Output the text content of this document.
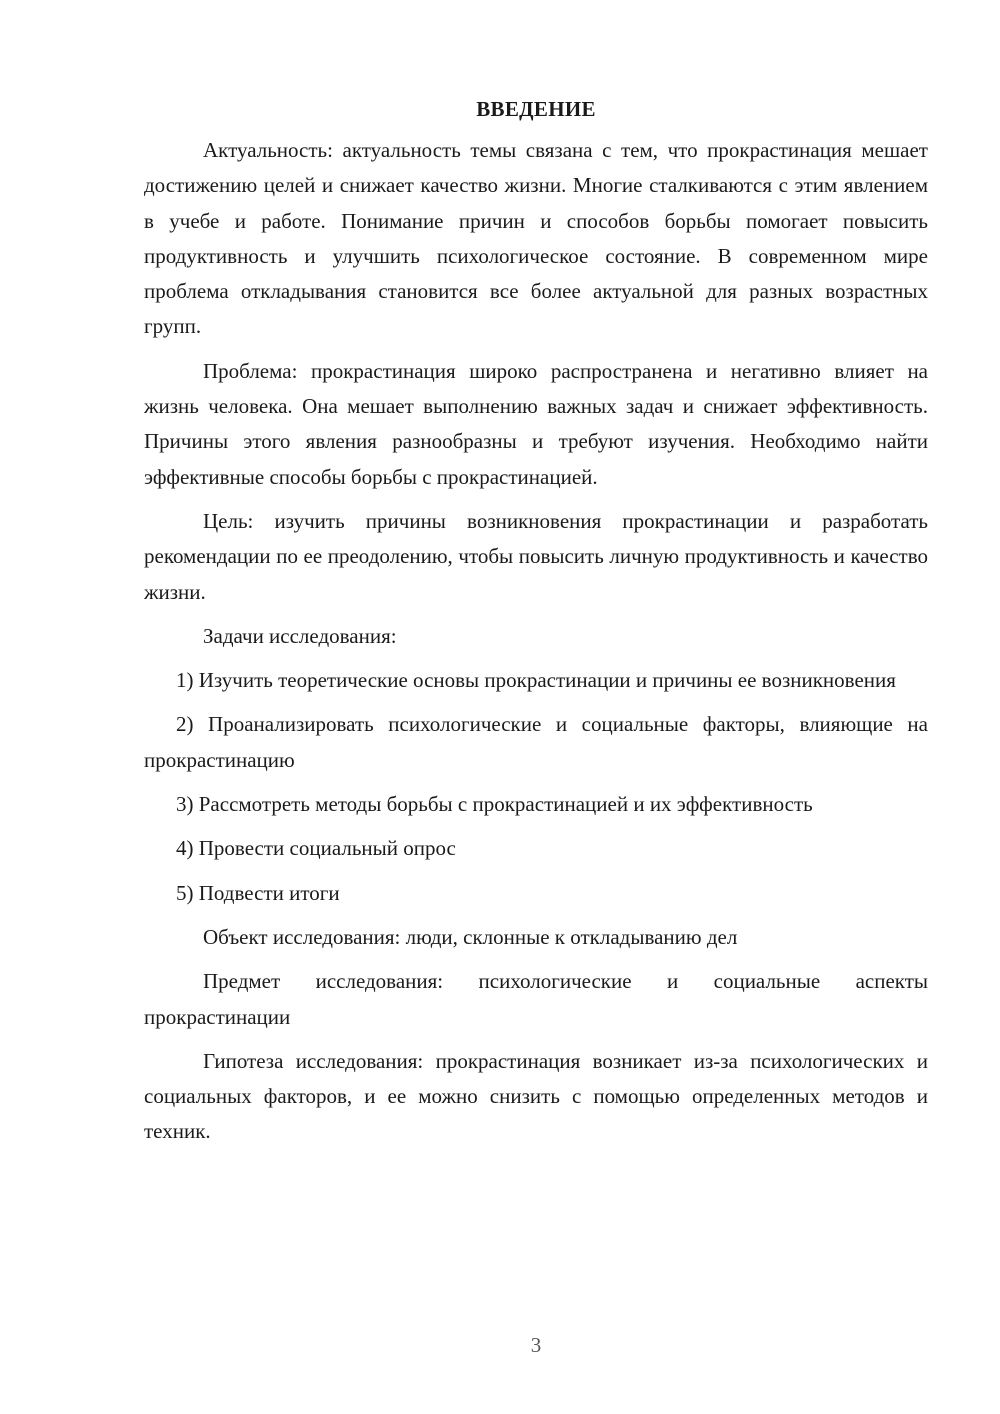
ВВЕДЕНИЕ

Актуальность: актуальность темы связана с тем, что прокрастинация мешает достижению целей и снижает качество жизни. Многие сталкиваются с этим явлением в учебе и работе. Понимание причин и способов борьбы помогает повысить продуктивность и улучшить психологическое состояние. В современном мире проблема откладывания становится все более актуальной для разных возрастных групп.

Проблема: прокрастинация широко распространена и негативно влияет на жизнь человека. Она мешает выполнению важных задач и снижает эффективность. Причины этого явления разнообразны и требуют изучения. Необходимо найти эффективные способы борьбы с прокрастинацией.

Цель: изучить причины возникновения прокрастинации и разработать рекомендации по ее преодолению, чтобы повысить личную продуктивность и качество жизни.

Задачи исследования:

1) Изучить теоретические основы прокрастинации и причины ее возникновения

2) Проанализировать психологические и социальные факторы, влияющие на прокрастинацию

3) Рассмотреть методы борьбы с прокрастинацией и их эффективность

4) Провести социальный опрос

5) Подвести итоги

Объект исследования: люди, склонные к откладыванию дел

Предмет исследования: психологические и социальные аспекты прокрастинации

Гипотеза исследования: прокрастинация возникает из-за психологических и социальных факторов, и ее можно снизить с помощью определенных методов и техник.

3
